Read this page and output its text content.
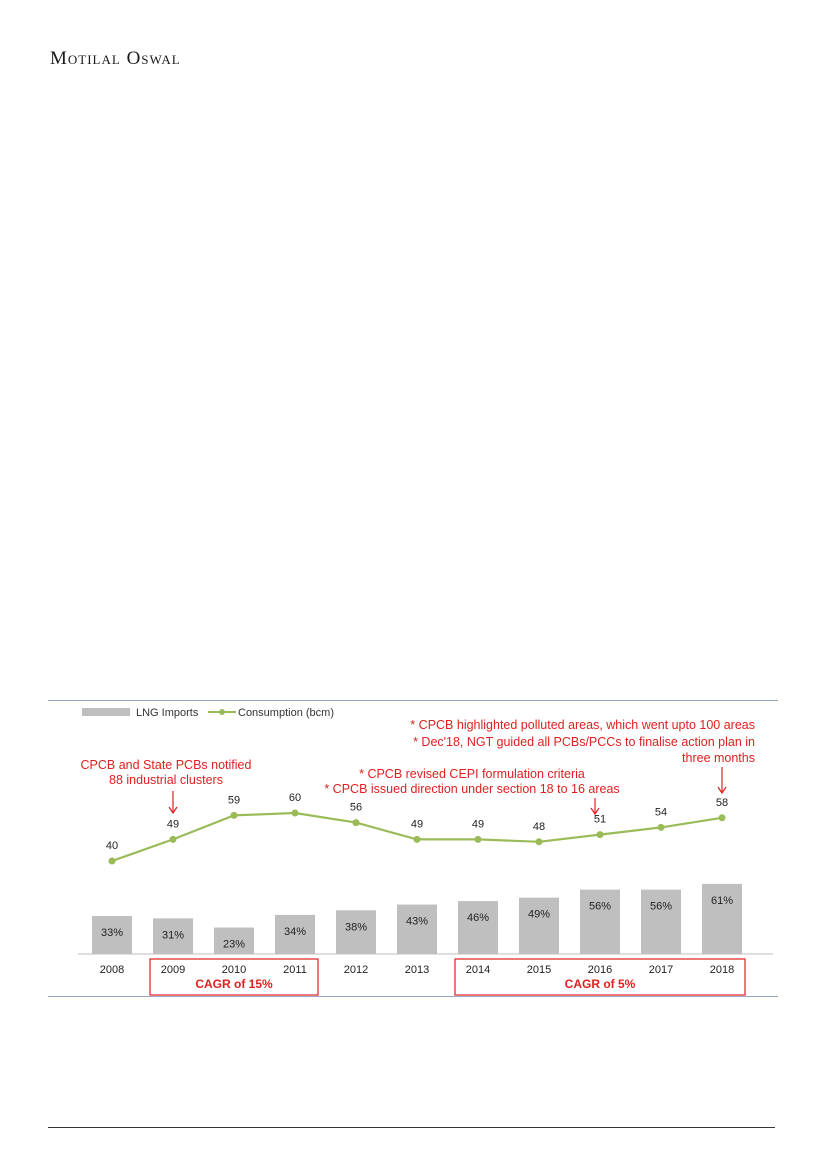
Motilal Oswal
LNG Imports	Consumption (bcm)
33%	31%
23%
34%	38%	43%	46%	49%
56%	56%	61%
2008	2009	2010	2011	2012	2013	2014	2015	2016	2017	2018
40
49
59	60
56
49	49	48
51
54
58
CPCB and State PCBs notified
88 industrial clusters	* CPCB revised CEPI formulation criteria
* CPCB issued direction under section 18 to 16 areas
* CPCB highlighted polluted areas, which went upto 100 areas
* Dec'18, NGT guided all PCBs/PCCs to finalise action plan in
three months
CAGR of 15%	CAGR of 5%
